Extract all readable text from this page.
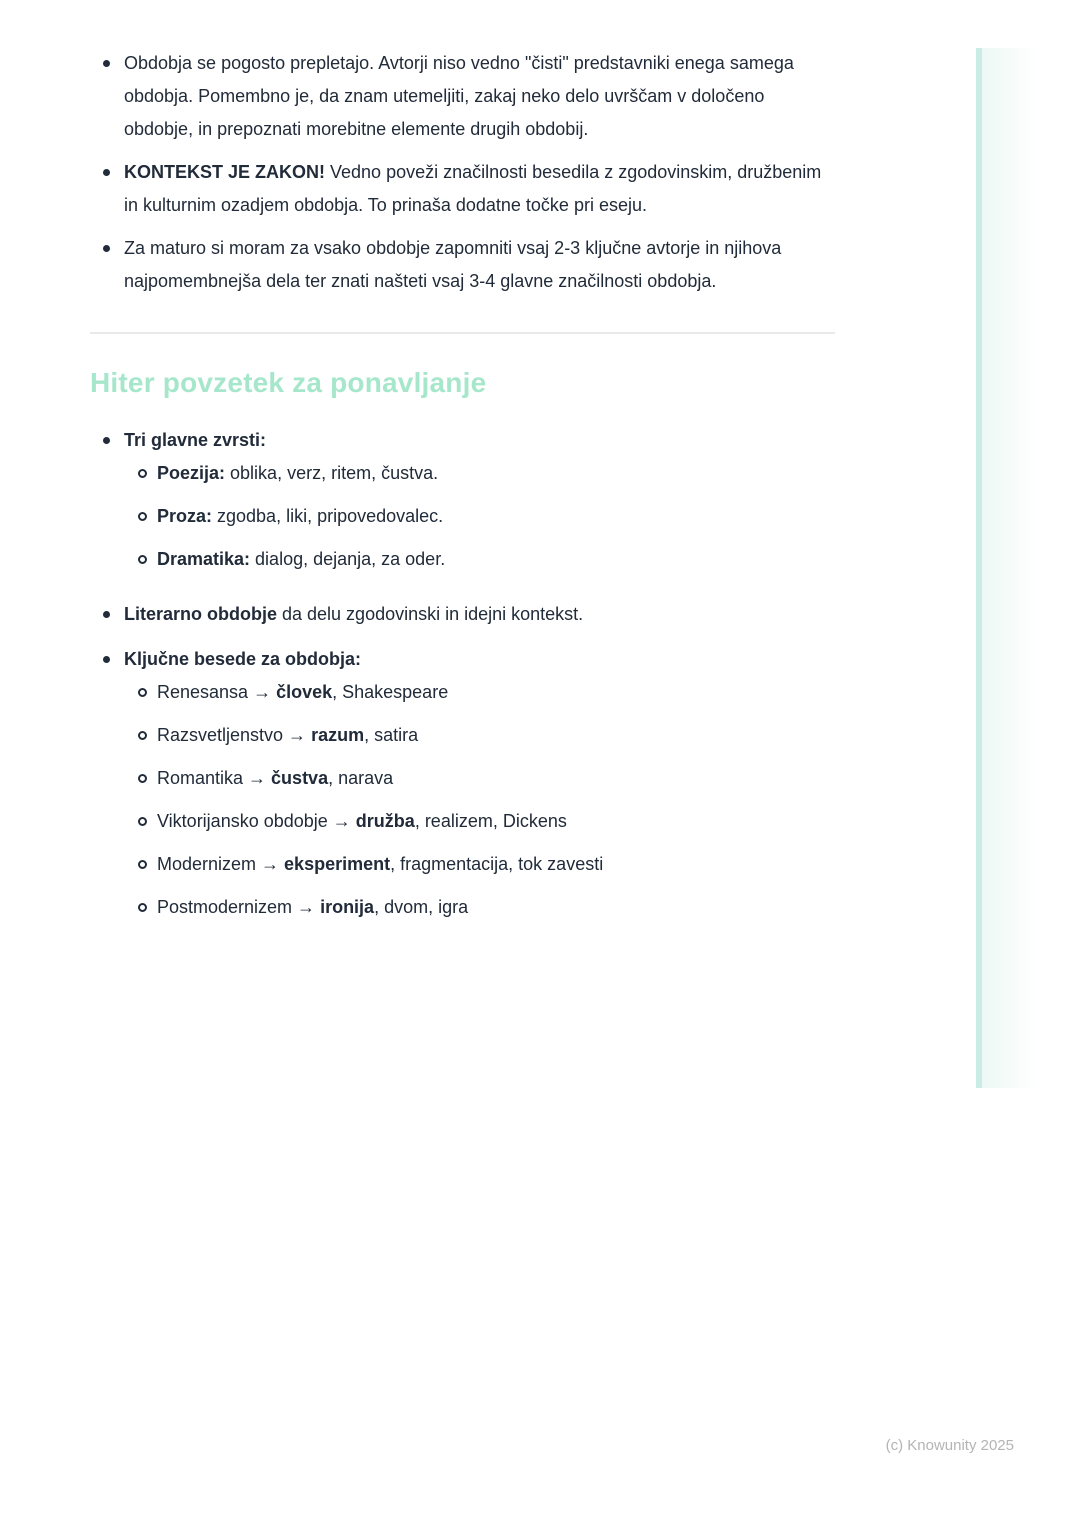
Obdobja se pogosto prepletajo. Avtorji niso vedno "čisti" predstavniki enega samega obdobja. Pomembno je, da znam utemeljiti, zakaj neko delo uvrščam v določeno obdobje, in prepoznati morebitne elemente drugih obdobij.

KONTEKST JE ZAKON! Vedno poveži značilnosti besedila z zgodovinskim, družbenim in kulturnim ozadjem obdobja. To prinaša dodatne točke pri eseju.

Za maturo si moram za vsako obdobje zapomniti vsaj 2-3 ključne avtorje in njihova najpomembnejša dela ter znati našteti vsaj 3-4 glavne značilnosti obdobja.

Hiter povzetek za ponavljanje

Tri glavne zvrsti:

Poezija: oblika, verz, ritem, čustva.

Proza: zgodba, liki, pripovedovalec.

Dramatika: dialog, dejanja, za oder.

Literarno obdobje da delu zgodovinski in idejni kontekst.

Ključne besede za obdobja:

Renesansa → človek, Shakespeare

Razsvetljenstvo → razum, satira

Romantika → čustva, narava

Viktorijansko obdobje → družba, realizem, Dickens

Modernizem → eksperiment, fragmentacija, tok zavesti

Postmodernizem → ironija, dvom, igra

(c) Knowunity 2025
